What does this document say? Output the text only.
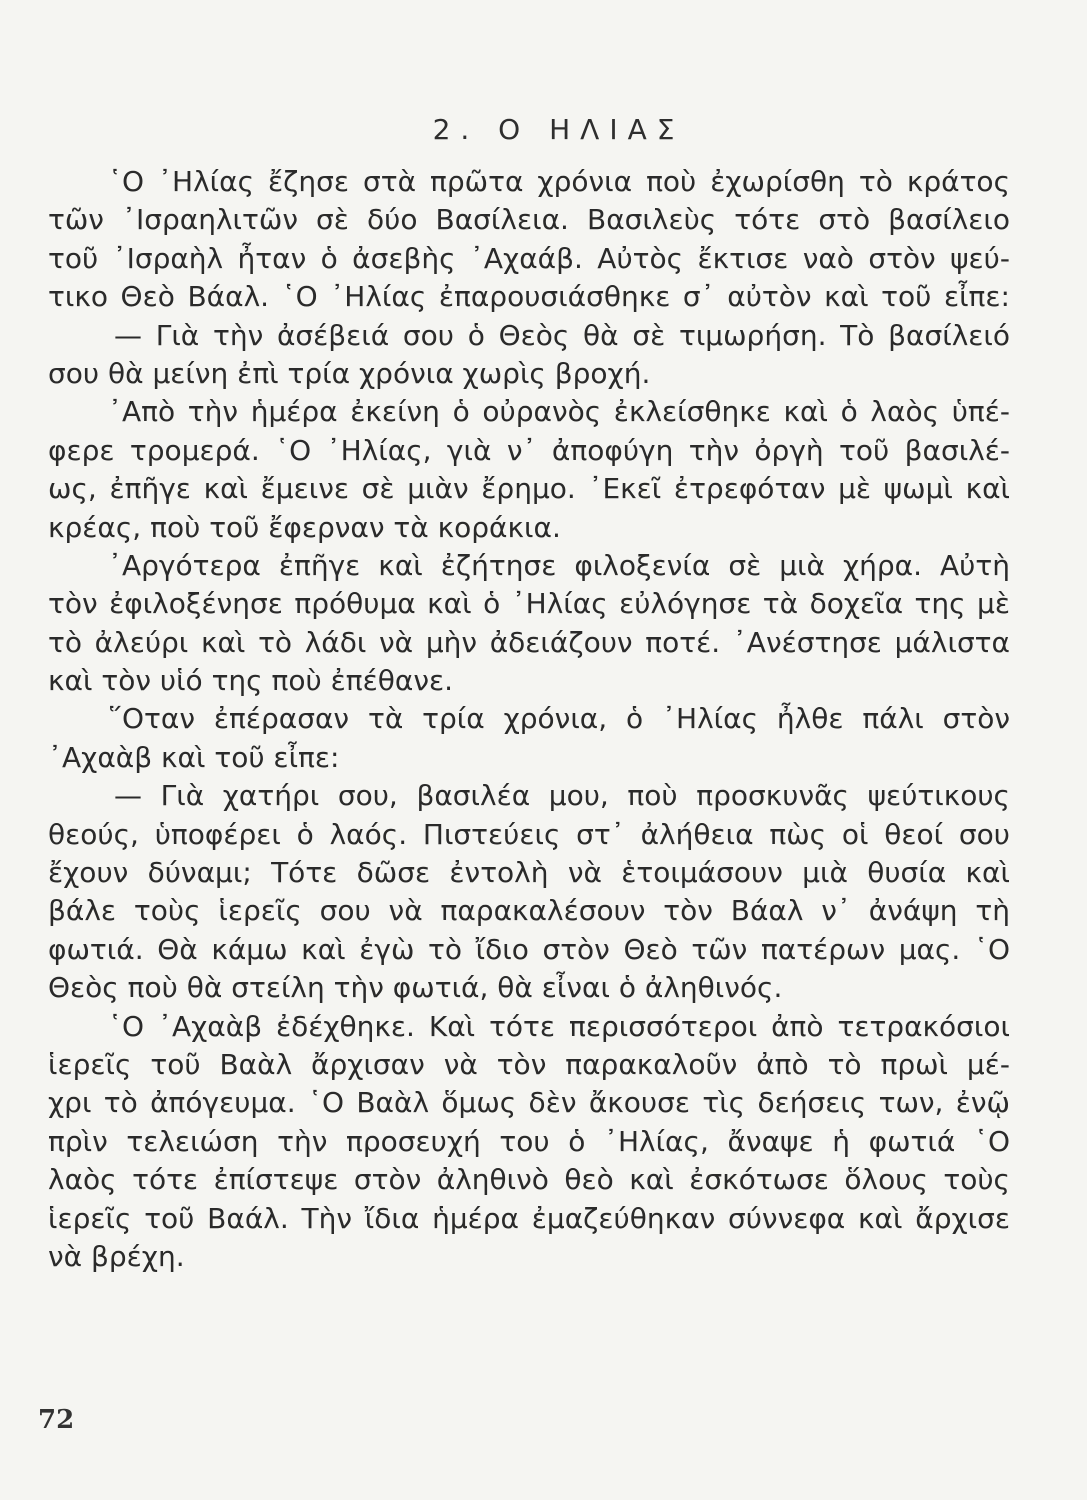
2. Ο ΗΛΙΑΣ
῾Ο ᾿Ηλίας ἔζησε στὰ πρῶτα χρόνια ποὺ ἐχωρίσθη τὸ κράτος
τῶν ᾿Ισραηλιτῶν σὲ δύο Βασίλεια. Βασιλεὺς τότε στὸ βασίλειο
τοῦ ᾿Ισραὴλ ἦταν ὁ ἀσεβὴς ᾿Αχαάβ. Αὐτὸς ἔκτισε ναὸ στὸν ψεύ-
τικο Θεὸ Βάαλ. ῾Ο ᾿Ηλίας ἐπαρουσιάσθηκε σ᾿ αὐτὸν καὶ τοῦ εἶπε:
— Γιὰ τὴν ἀσέβειά σου ὁ Θεὸς θὰ σὲ τιμωρήση. Τὸ βασίλειό
σου θὰ μείνη ἐπὶ τρία χρόνια χωρὶς βροχή.
᾿Απὸ τὴν ἡμέρα ἐκείνη ὁ οὐρανὸς ἐκλείσθηκε καὶ ὁ λαὸς ὑπέ-
φερε τρομερά. ῾Ο ᾿Ηλίας, γιὰ ν᾿ ἀποφύγη τὴν ὀργὴ τοῦ βασιλέ-
ως, ἐπῆγε καὶ ἔμεινε σὲ μιὰν ἔρημο. ᾿Εκεῖ ἐτρεφόταν μὲ ψωμὶ καὶ
κρέας, ποὺ τοῦ ἔφερναν τὰ κοράκια.
᾿Αργότερα ἐπῆγε καὶ ἐζήτησε φιλοξενία σὲ μιὰ χήρα. Αὐτὴ
τὸν ἐφιλοξένησε πρόθυμα καὶ ὁ ᾿Ηλίας εὐλόγησε τὰ δοχεῖα της μὲ
τὸ ἀλεύρι καὶ τὸ λάδι νὰ μὴν ἀδειάζουν ποτέ. ᾿Ανέστησε μάλιστα
καὶ τὸν υἱό της ποὺ ἐπέθανε.
῞Οταν ἐπέρασαν τὰ τρία χρόνια, ὁ ᾿Ηλίας ἦλθε πάλι στὸν
᾿Αχαὰβ καὶ τοῦ εἶπε:
— Γιὰ χατήρι σου, βασιλέα μου, ποὺ προσκυνᾶς ψεύτικους
θεούς, ὑποφέρει ὁ λαός. Πιστεύεις στ᾿ ἀλήθεια πὼς οἱ θεοί σου
ἔχουν δύναμι; Τότε δῶσε ἐντολὴ νὰ ἑτοιμάσουν μιὰ θυσία καὶ
βάλε τοὺς ἱερεῖς σου νὰ παρακαλέσουν τὸν Βάαλ ν᾿ ἀνάψη τὴ
φωτιά. Θὰ κάμω καὶ ἐγὼ τὸ ἴδιο στὸν Θεὸ τῶν πατέρων μας. ῾Ο
Θεὸς ποὺ θὰ στείλη τὴν φωτιά, θὰ εἶναι ὁ ἀληθινός.
῾Ο ᾿Αχαὰβ ἐδέχθηκε. Καὶ τότε περισσότεροι ἀπὸ τετρακόσιοι
ἱερεῖς τοῦ Βαὰλ ἄρχισαν νὰ τὸν παρακαλοῦν ἀπὸ τὸ πρωὶ μέ-
χρι τὸ ἀπόγευμα. ῾Ο Βαὰλ ὅμως δὲν ἄκουσε τὶς δεήσεις των, ἐνῷ
πρὶν τελειώση τὴν προσευχή του ὁ ᾿Ηλίας, ἄναψε ἡ φωτιά ῾Ο
λαὸς τότε ἐπίστεψε στὸν ἀληθινὸ θεὸ καὶ ἐσκότωσε ὅλους τοὺς
ἱερεῖς τοῦ Βαάλ. Τὴν ἴδια ἡμέρα ἐμαζεύθηκαν σύννεφα καὶ ἄρχισε
νὰ βρέχη.
72
